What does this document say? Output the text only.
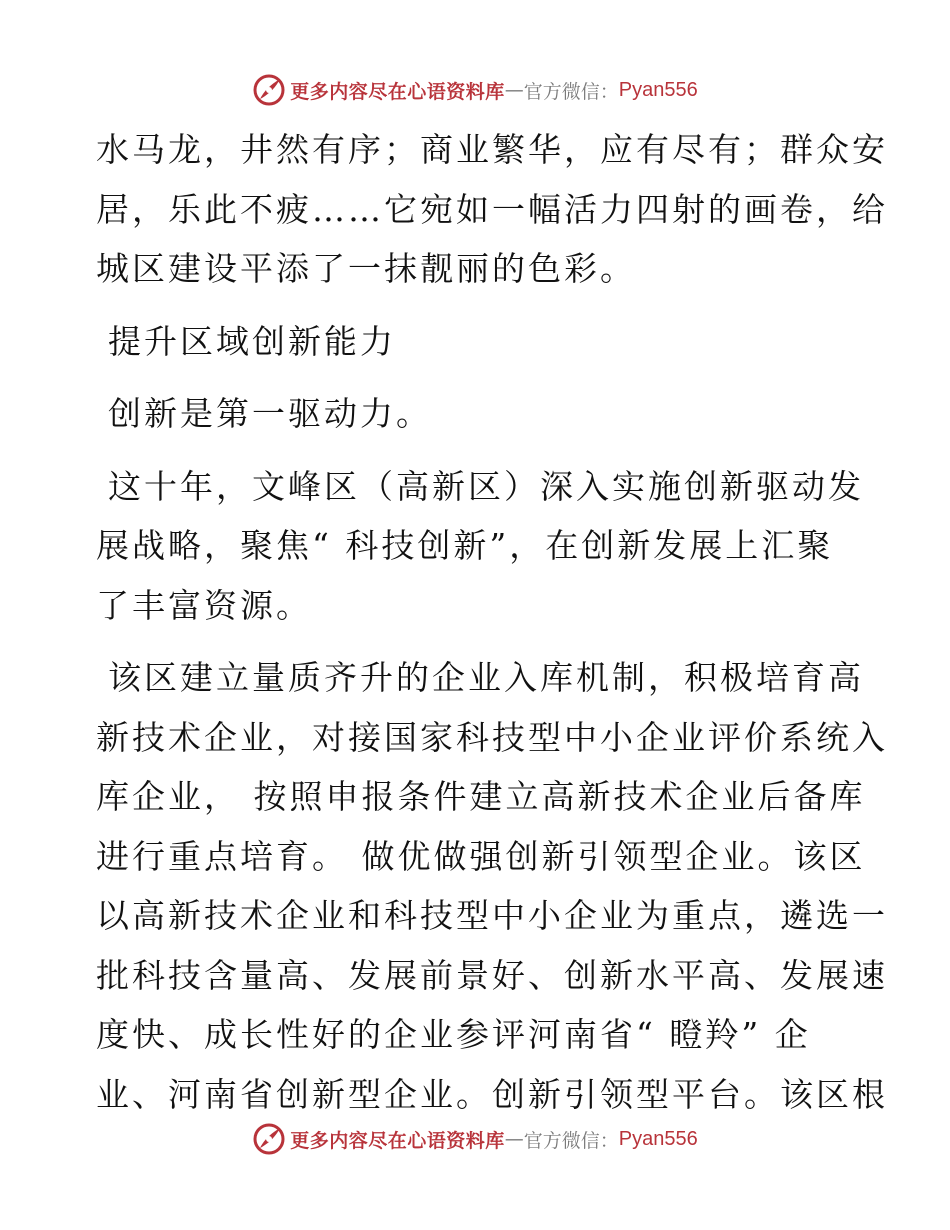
更多内容尽在心语资料库 — 官方微信： Pyan556

水马龙，井然有序；商业繁华，应有尽有；群众安
居，乐此不疲……它宛如一幅活力四射的画卷，给
城区建设平添了一抹靓丽的色彩。

提升区域创新能力

创新是第一驱动力。

这十年，文峰区（高新区）深入实施创新驱动发
展战略，聚焦“ 科技创新”，在创新发展上汇聚
了丰富资源。

该区建立量质齐升的企业入库机制，积极培育高
新技术企业，对接国家科技型中小企业评价系统入
库企业， 按照申报条件建立高新技术企业后备库
进行重点培育。 做优做强创新引领型企业。该区
以高新技术企业和科技型中小企业为重点，遴选一
批科技含量高、发展前景好、创新水平高、发展速
度快、成长性好的企业参评河南省“ 瞪羚” 企
业、河南省创新型企业。创新引领型平台。该区根

更多内容尽在心语资料库 — 官方微信： Pyan556
